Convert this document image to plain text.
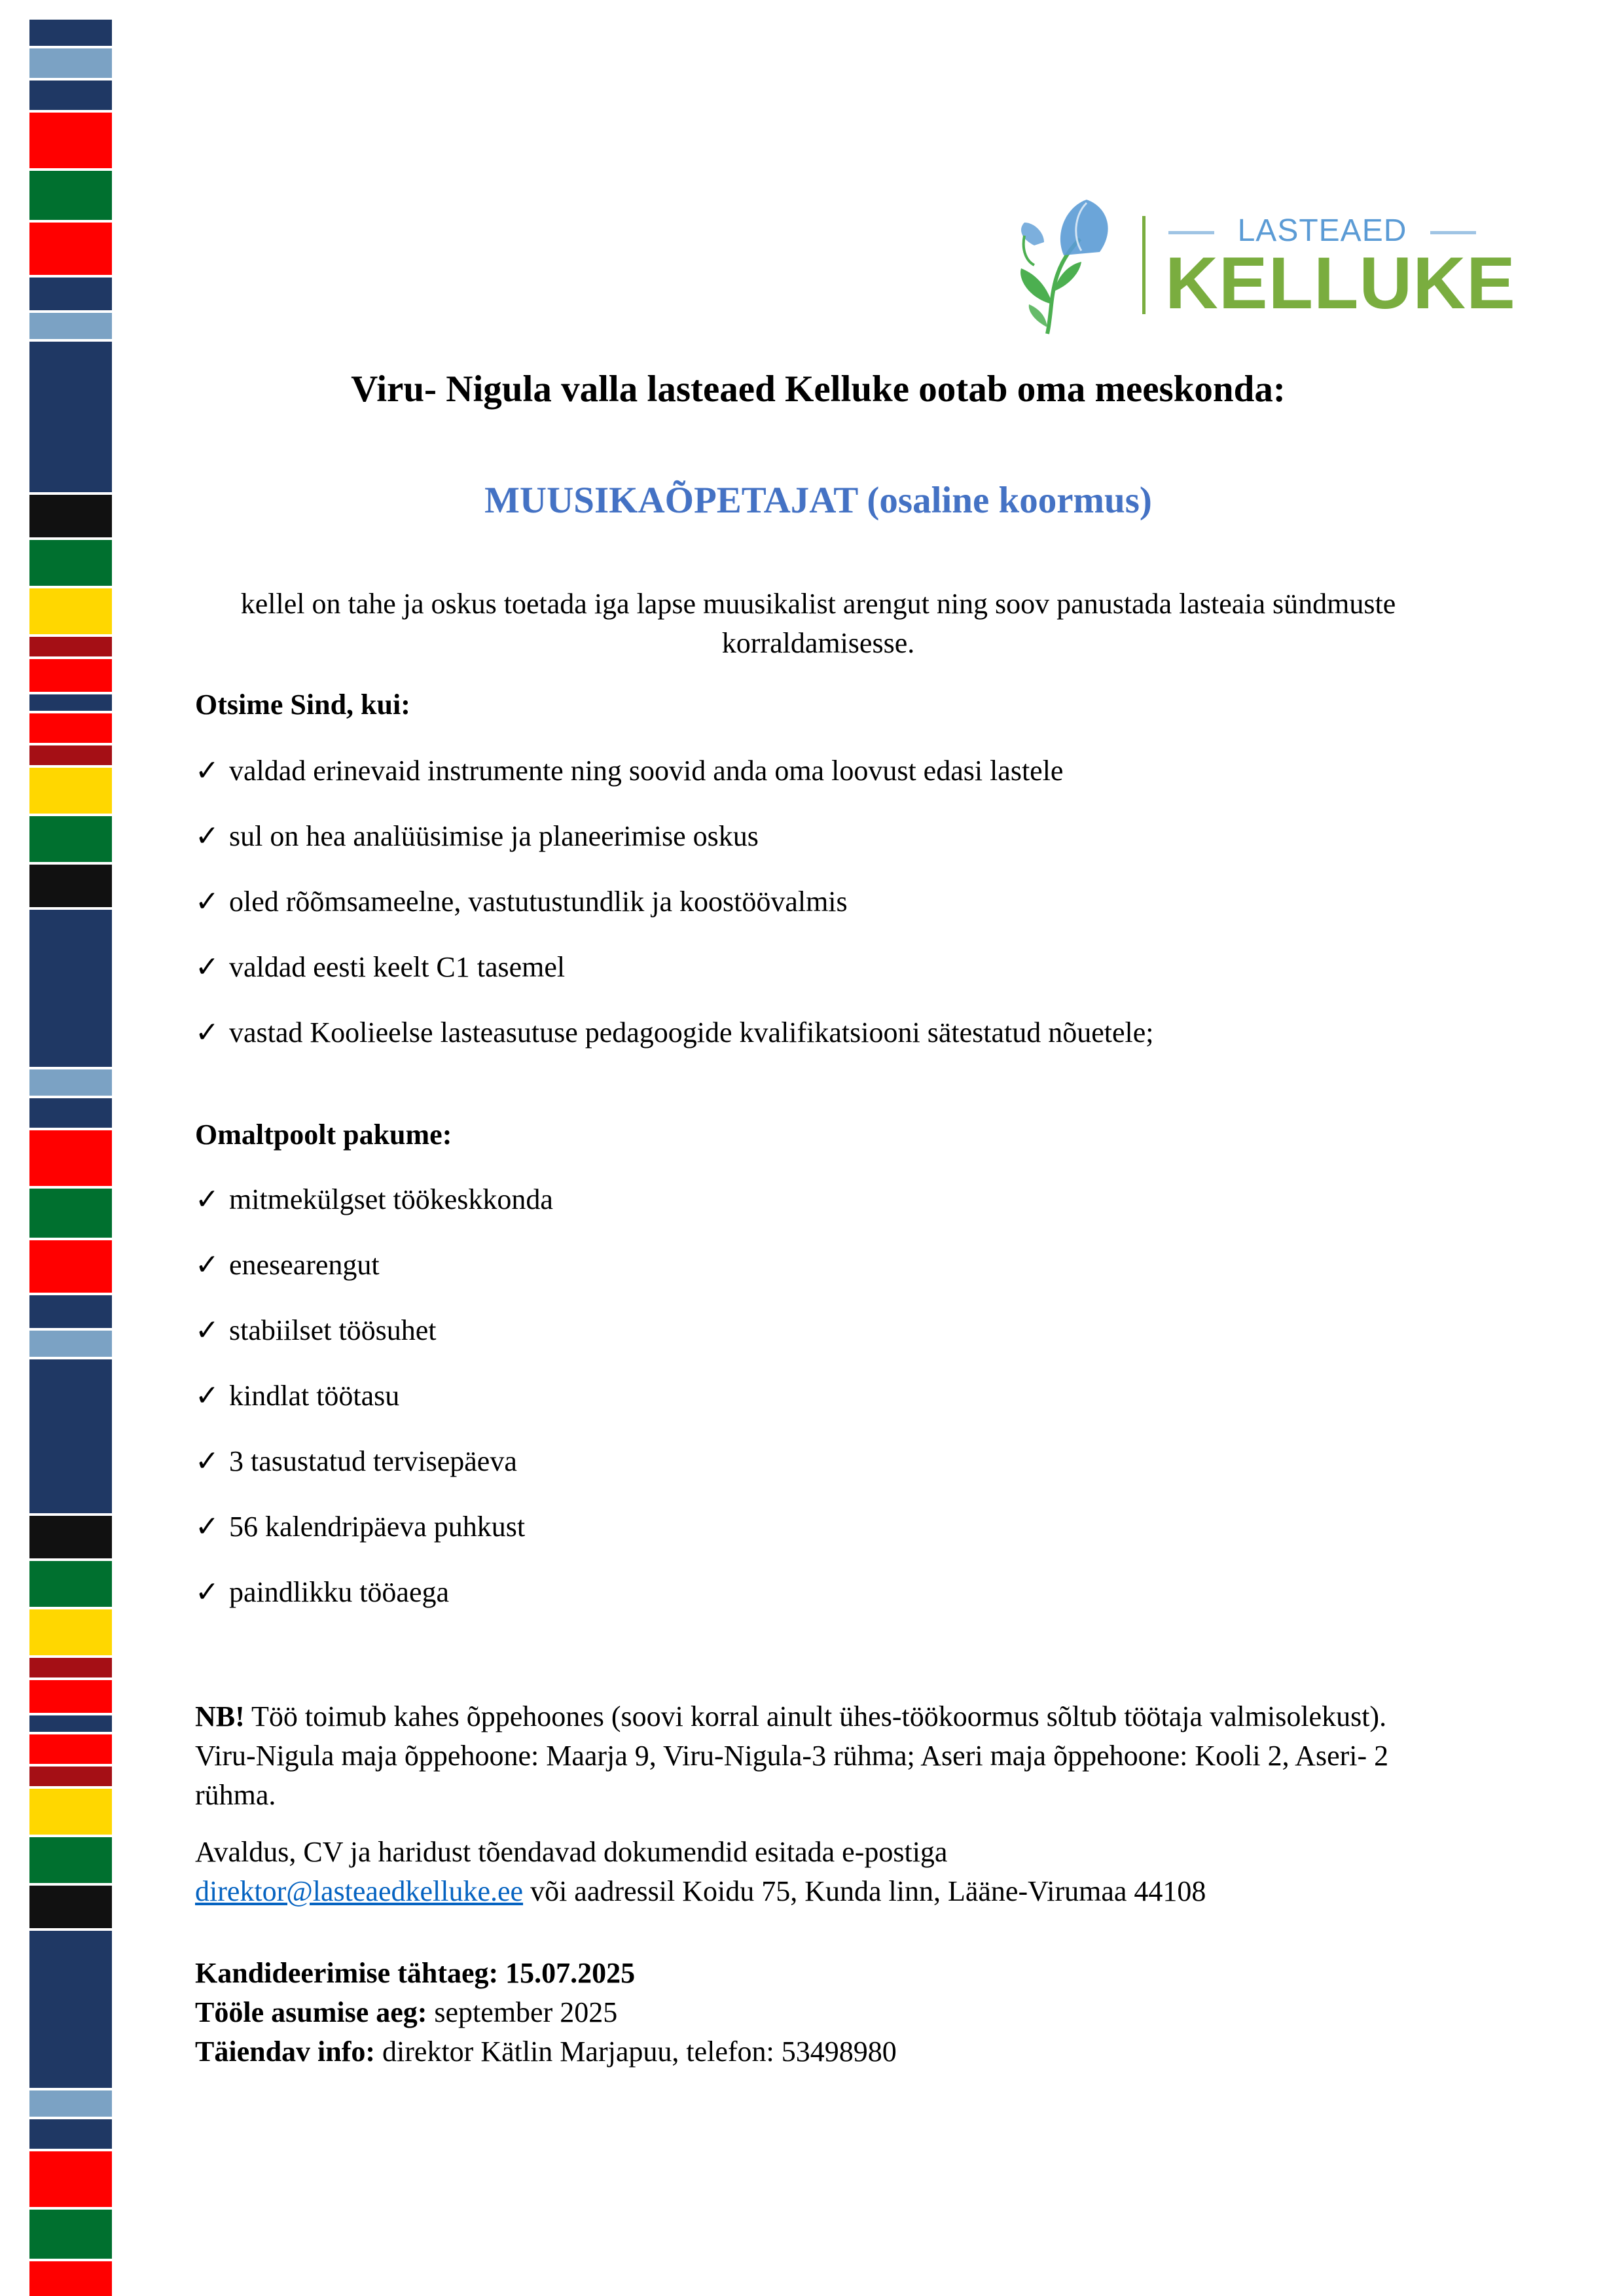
LASTEAED
KELLUKE
Viru- Nigula valla lasteaed Kelluke ootab oma meeskonda:
MUUSIKAÕPETAJAT (osaline koormus)
kellel on tahe ja oskus toetada iga lapse muusikalist arengut ning soov panustada lasteaia sündmuste korraldamisesse.
Otsime Sind, kui:
✓ valdad erinevaid instrumente ning soovid anda oma loovust edasi lastele
✓ sul on hea analüüsimise ja planeerimise oskus
✓ oled rõõmsameelne, vastutustundlik ja koostöövalmis
✓ valdad eesti keelt C1 tasemel
✓ vastad Koolieelse lasteasutuse pedagoogide kvalifikatsiooni sätestatud nõuetele;
Omaltpoolt pakume:
✓ mitmekülgset töökeskkonda
✓ enesearengut
✓ stabiilset töösuhet
✓ kindlat töötasu
✓ 3 tasustatud tervisepäeva
✓ 56 kalendripäeva puhkust
✓ paindlikku tööaega
NB! Töö toimub kahes õppehoones (soovi korral ainult ühes-töökoormus sõltub töötaja valmisolekust). Viru-Nigula maja õppehoone: Maarja 9, Viru-Nigula-3 rühma; Aseri maja õppehoone: Kooli 2, Aseri- 2 rühma.
Avaldus, CV ja haridust tõendavad dokumendid esitada e-postiga
direktor@lasteaedkelluke.ee või aadressil Koidu 75, Kunda linn, Lääne-Virumaa 44108
Kandideerimise tähtaeg: 15.07.2025
Tööle asumise aeg: september 2025
Täiendav info: direktor Kätlin Marjapuu, telefon: 53498980
